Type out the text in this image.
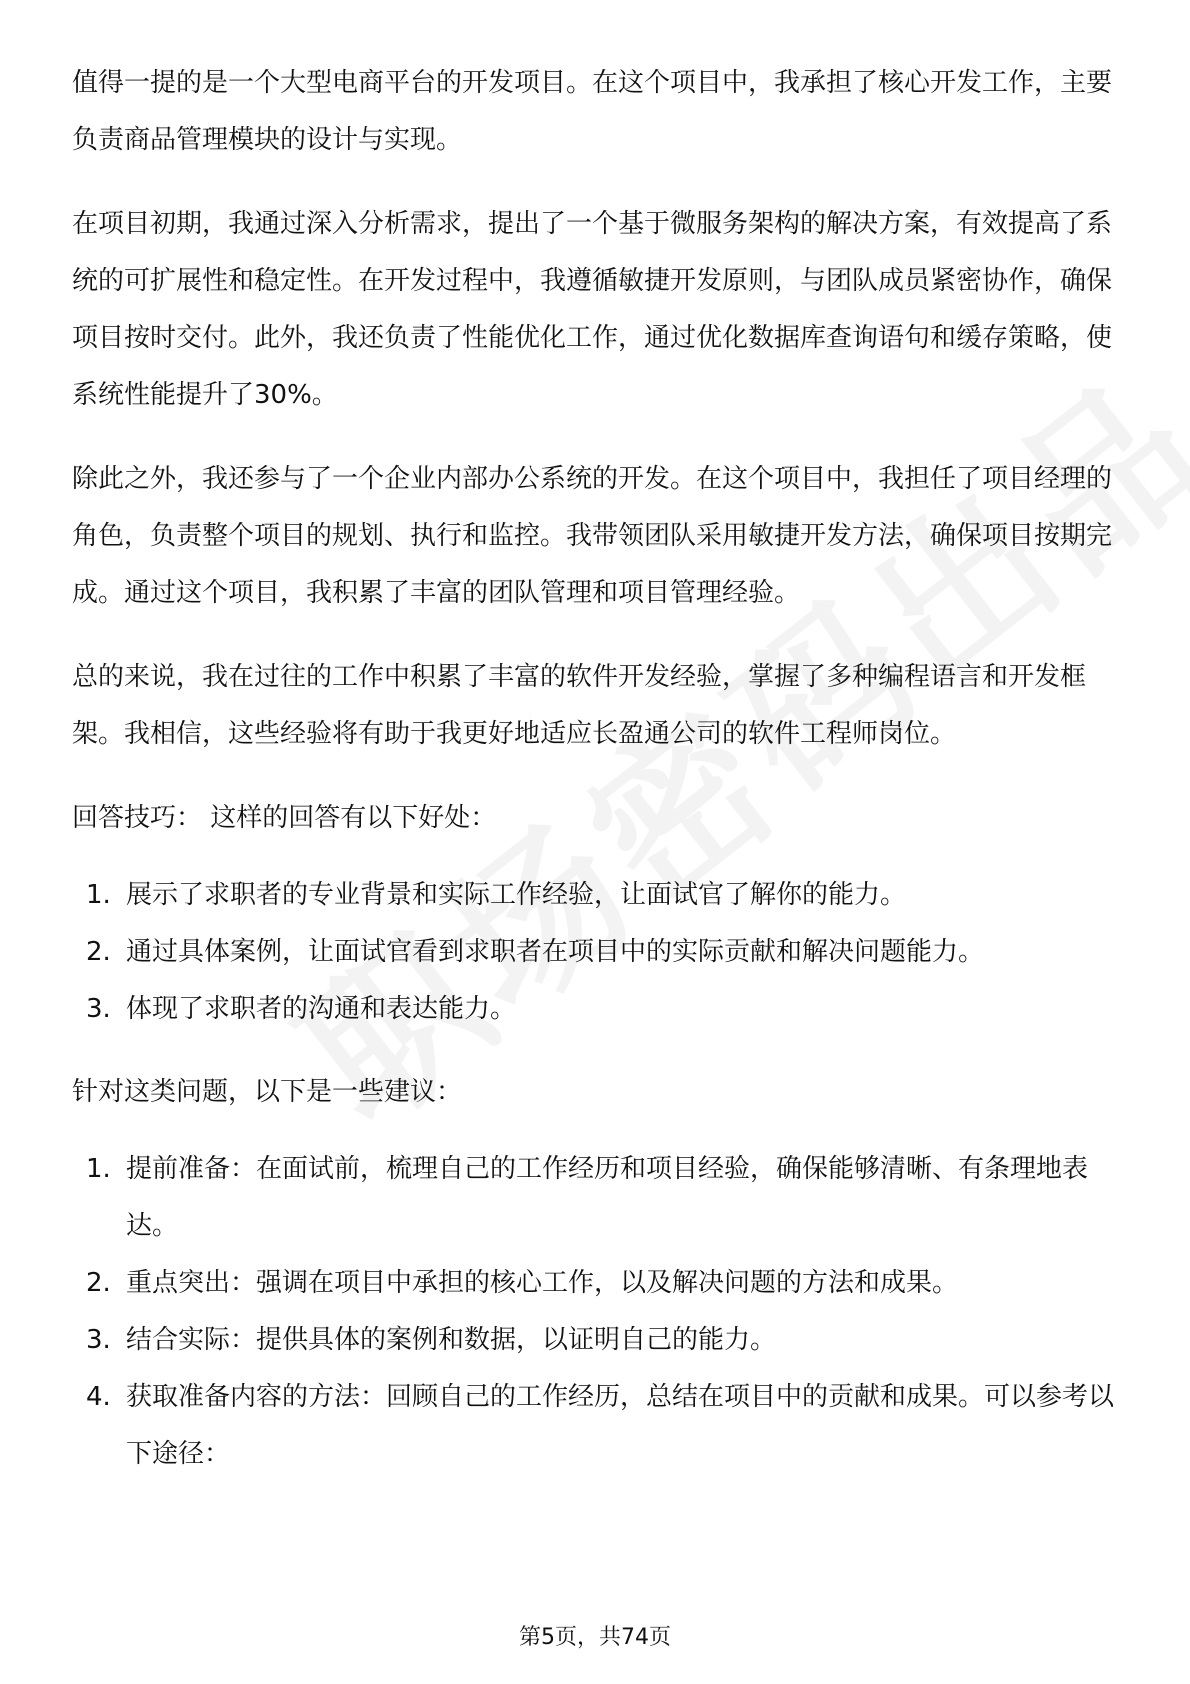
值得一提的是一个大型电商平台的开发项目。在这个项目中，我承担了核心开发工作，主要负责商品管理模块的设计与实现。

在项目初期，我通过深入分析需求，提出了一个基于微服务架构的解决方案，有效提高了系统的可扩展性和稳定性。在开发过程中，我遵循敏捷开发原则，与团队成员紧密协作，确保项目按时交付。此外，我还负责了性能优化工作，通过优化数据库查询语句和缓存策略，使系统性能提升了30%。

除此之外，我还参与了一个企业内部办公系统的开发。在这个项目中，我担任了项目经理的角色，负责整个项目的规划、执行和监控。我带领团队采用敏捷开发方法，确保项目按期完成。通过这个项目，我积累了丰富的团队管理和项目管理经验。

总的来说，我在过往的工作中积累了丰富的软件开发经验，掌握了多种编程语言和开发框架。我相信，这些经验将有助于我更好地适应长盈通公司的软件工程师岗位。

回答技巧： 这样的回答有以下好处：

1. 展示了求职者的专业背景和实际工作经验，让面试官了解你的能力。
2. 通过具体案例，让面试官看到求职者在项目中的实际贡献和解决问题能力。
3. 体现了求职者的沟通和表达能力。

针对这类问题，以下是一些建议：

1. 提前准备：在面试前，梳理自己的工作经历和项目经验，确保能够清晰、有条理地表达。
2. 重点突出：强调在项目中承担的核心工作，以及解决问题的方法和成果。
3. 结合实际：提供具体的案例和数据，以证明自己的能力。
4. 获取准备内容的方法：回顾自己的工作经历，总结在项目中的贡献和成果。可以参考以下途径：
第5页，共74页
